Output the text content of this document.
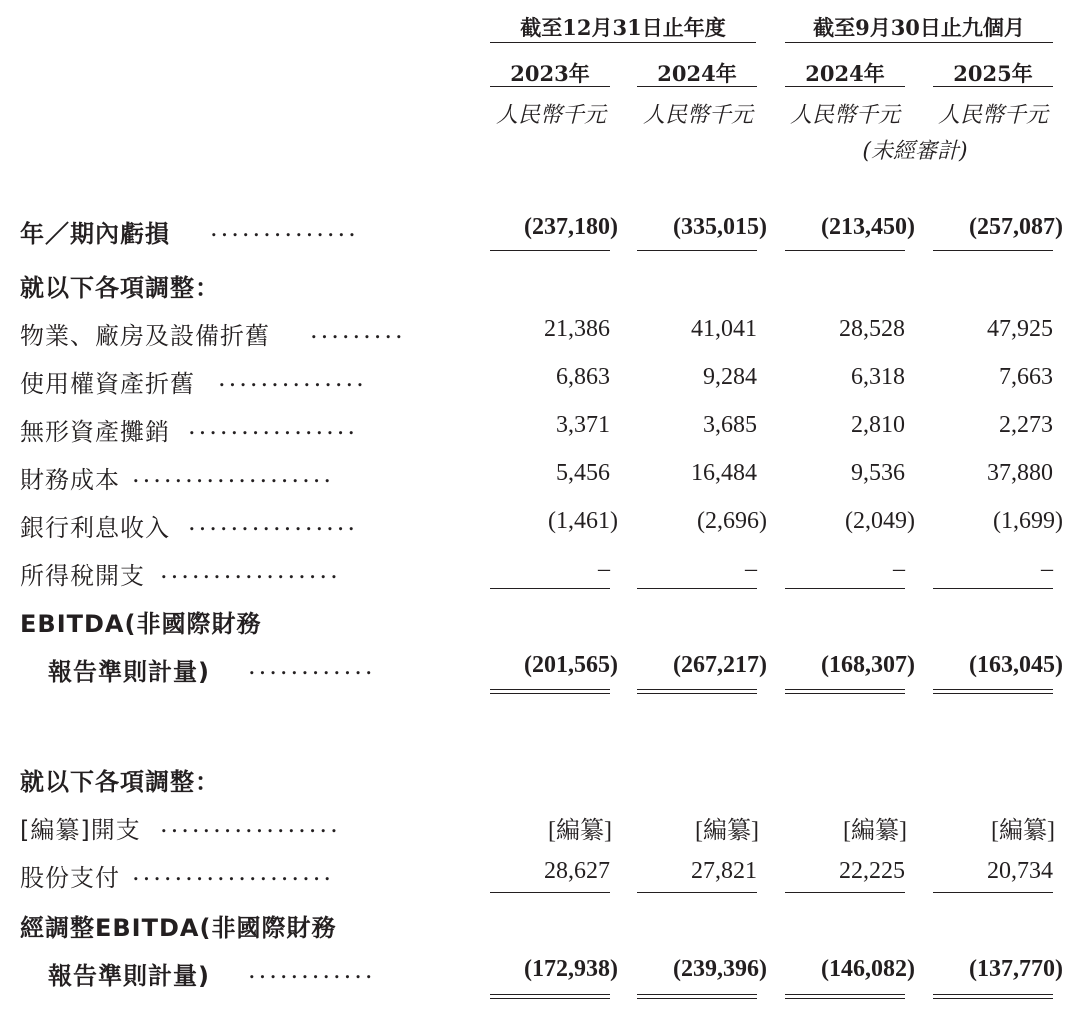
截至12月31日止年度	截至9月30日止九個月
2023年	2024年	2024年	2025年
人民幣千元	人民幣千元	人民幣千元	人民幣千元
(未經審計)
年／期內虧損 ..............	(237,180)	(335,015)	(213,450)	(257,087)
就以下各項調整：
物業、廠房及設備折舊 .........	21,386	41,041	28,528	47,925
使用權資產折舊 ..............	6,863	9,284	6,318	7,663
無形資產攤銷 ................	3,371	3,685	2,810	2,273
財務成本 ...................	5,456	16,484	9,536	37,880
銀行利息收入 ................	(1,461)	(2,696)	(2,049)	(1,699)
所得稅開支 .................	–	–	–	–
EBITDA(非國際財務
報告準則計量) ............	(201,565)	(267,217)	(168,307)	(163,045)
就以下各項調整：
[編纂]開支 .................	[編纂]	[編纂]	[編纂]	[編纂]
股份支付 ...................	28,627	27,821	22,225	20,734
經調整EBITDA(非國際財務
報告準則計量) ............	(172,938)	(239,396)	(146,082)	(137,770)
